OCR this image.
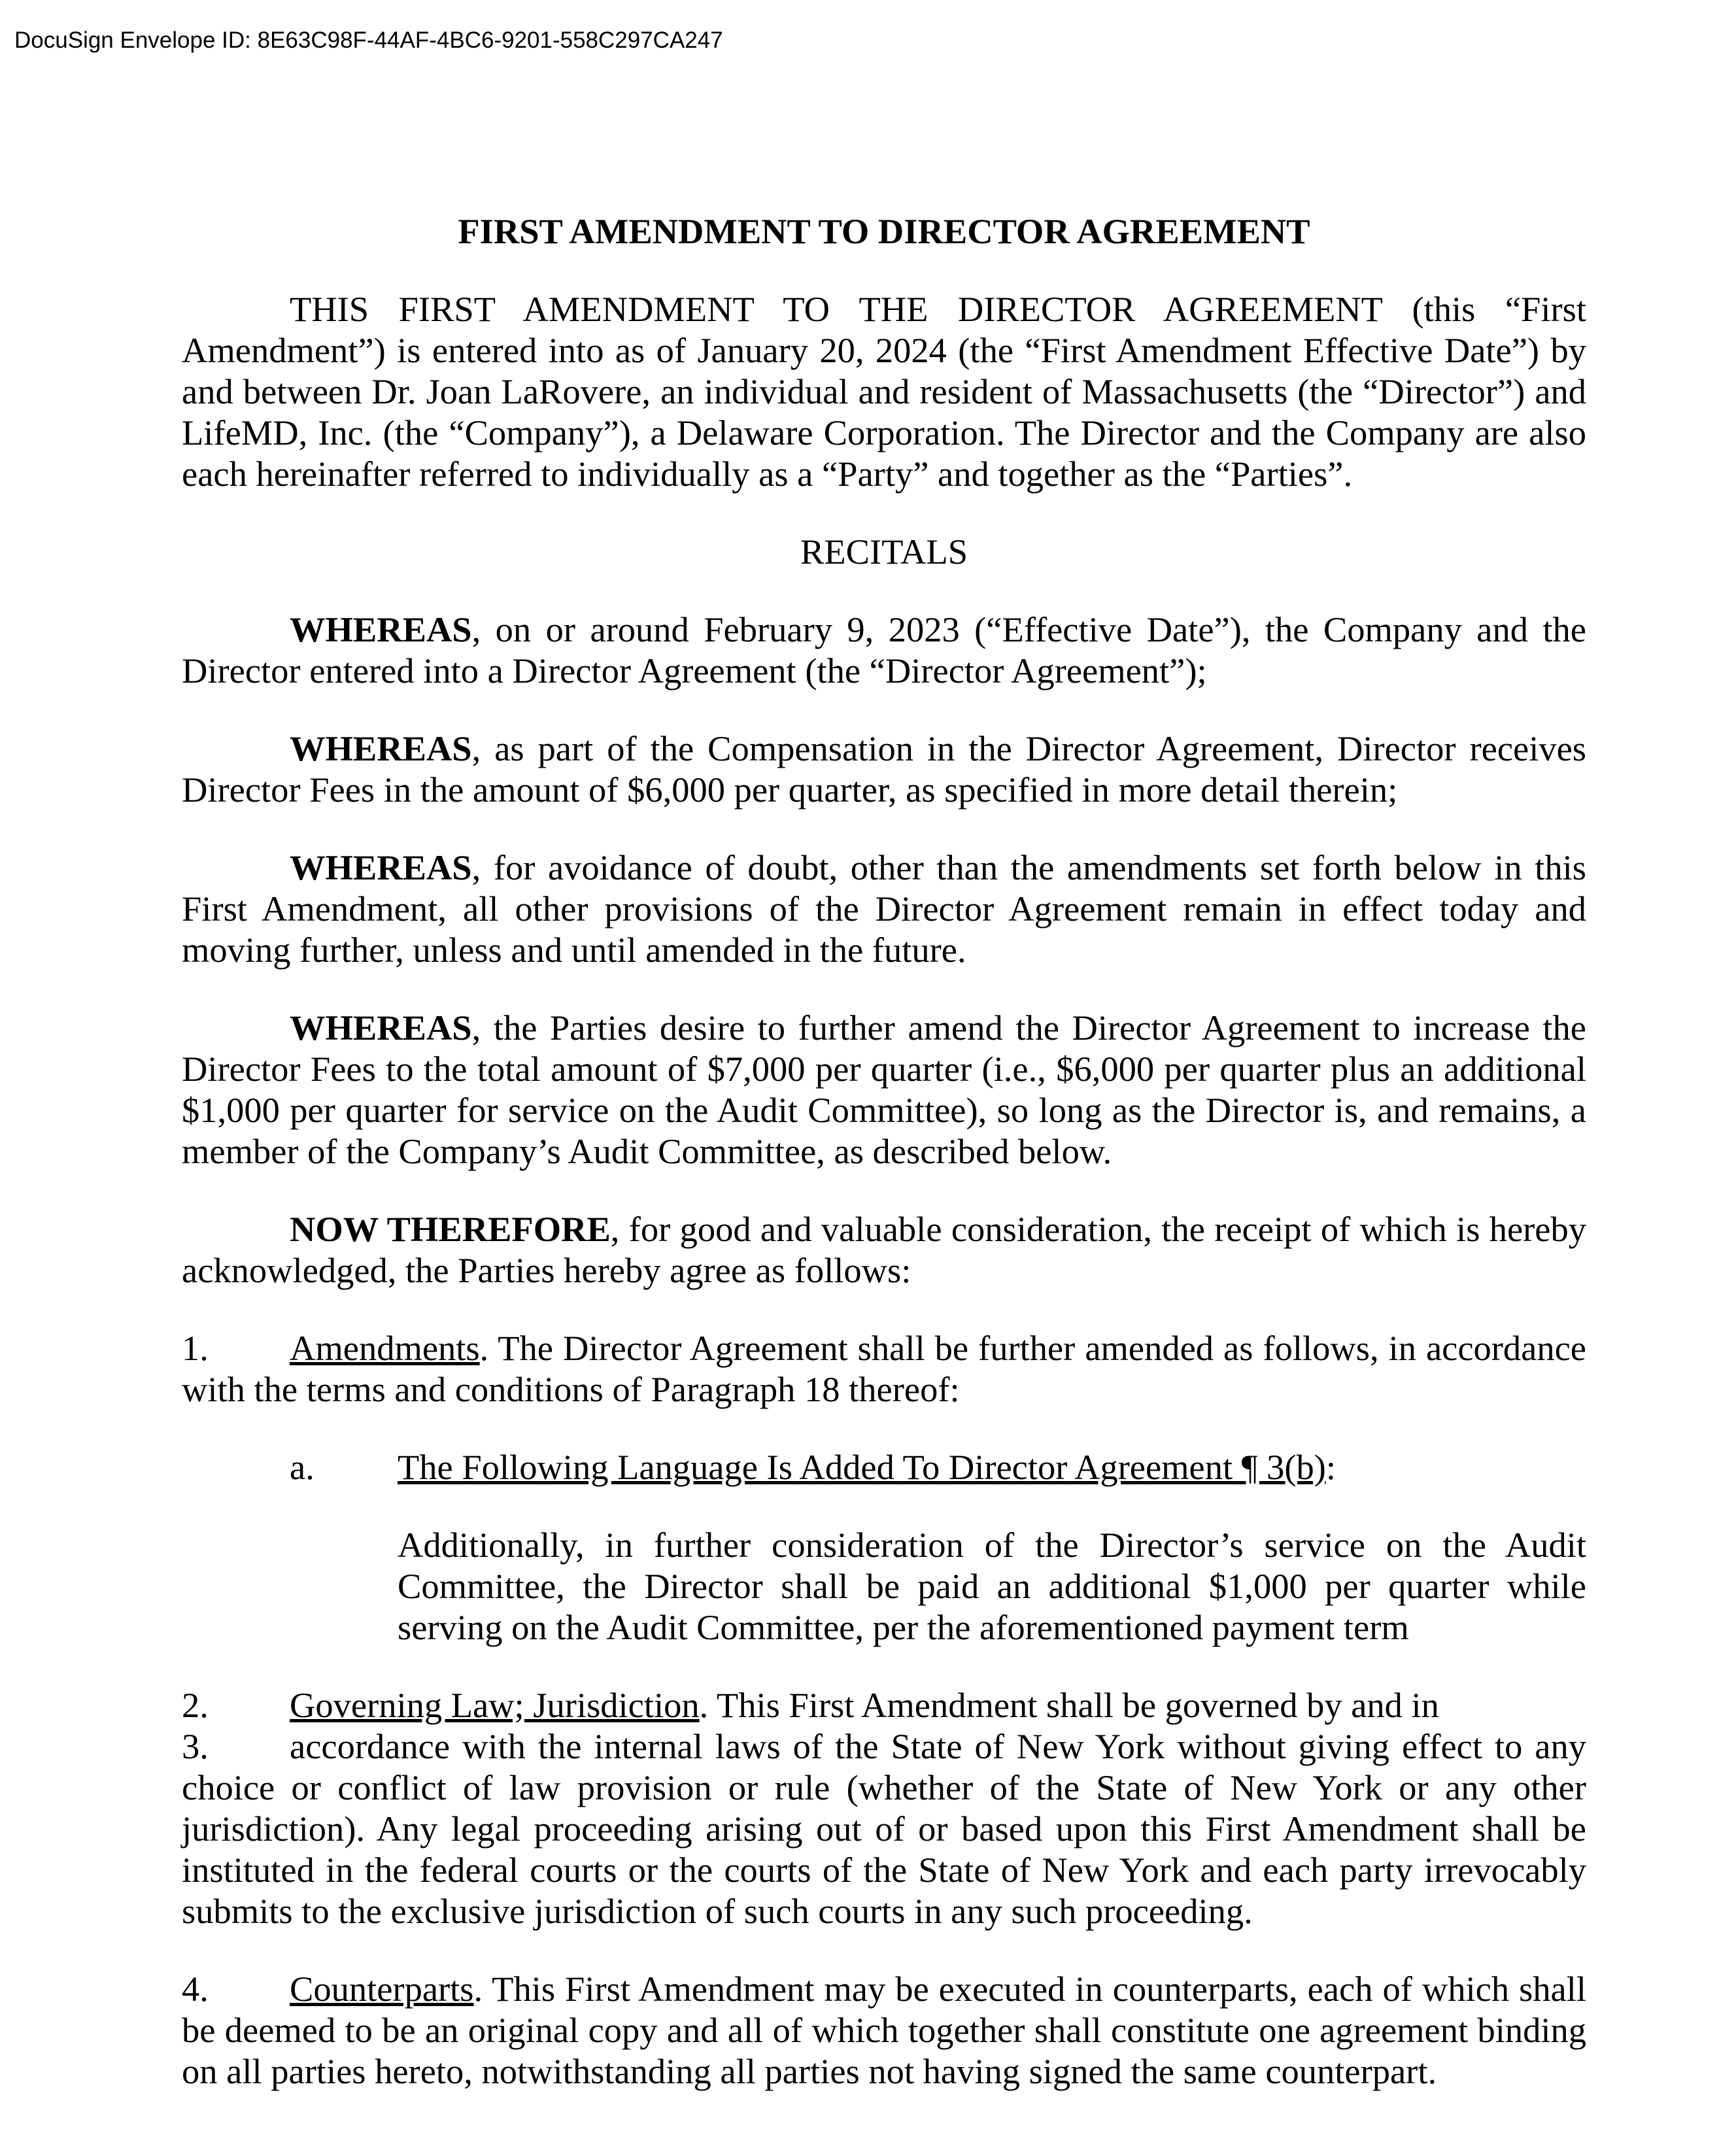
DocuSign Envelope ID: 8E63C98F-44AF-4BC6-9201-558C297CA247
FIRST AMENDMENT TO DIRECTOR AGREEMENT
THIS FIRST AMENDMENT TO THE DIRECTOR AGREEMENT (this “First Amendment”) is entered into as of January 20, 2024 (the “First Amendment Effective Date”) by and between Dr. Joan LaRovere, an individual and resident of Massachusetts (the “Director”) and LifeMD, Inc. (the “Company”), a Delaware Corporation. The Director and the Company are also each hereinafter referred to individually as a “Party” and together as the “Parties”.
RECITALS
WHEREAS, on or around February 9, 2023 (“Effective Date”), the Company and the Director entered into a Director Agreement (the “Director Agreement”);
WHEREAS, as part of the Compensation in the Director Agreement, Director receives Director Fees in the amount of $6,000 per quarter, as specified in more detail therein;
WHEREAS, for avoidance of doubt, other than the amendments set forth below in this First Amendment, all other provisions of the Director Agreement remain in effect today and moving further, unless and until amended in the future.
WHEREAS, the Parties desire to further amend the Director Agreement to increase the Director Fees to the total amount of $7,000 per quarter (i.e., $6,000 per quarter plus an additional $1,000 per quarter for service on the Audit Committee), so long as the Director is, and remains, a member of the Company’s Audit Committee, as described below.
NOW THEREFORE, for good and valuable consideration, the receipt of which is hereby acknowledged, the Parties hereby agree as follows:
1. Amendments. The Director Agreement shall be further amended as follows, in accordance with the terms and conditions of Paragraph 18 thereof:
a. The Following Language Is Added To Director Agreement ¶ 3(b):
Additionally, in further consideration of the Director’s service on the Audit Committee, the Director shall be paid an additional $1,000 per quarter while serving on the Audit Committee, per the aforementioned payment term
2. Governing Law; Jurisdiction. This First Amendment shall be governed by and in
3. accordance with the internal laws of the State of New York without giving effect to any
choice or conflict of law provision or rule (whether of the State of New York or any other jurisdiction). Any legal proceeding arising out of or based upon this First Amendment shall be instituted in the federal courts or the courts of the State of New York and each party irrevocably submits to the exclusive jurisdiction of such courts in any such proceeding.
4. Counterparts. This First Amendment may be executed in counterparts, each of which shall be deemed to be an original copy and all of which together shall constitute one agreement binding on all parties hereto, notwithstanding all parties not having signed the same counterpart.
